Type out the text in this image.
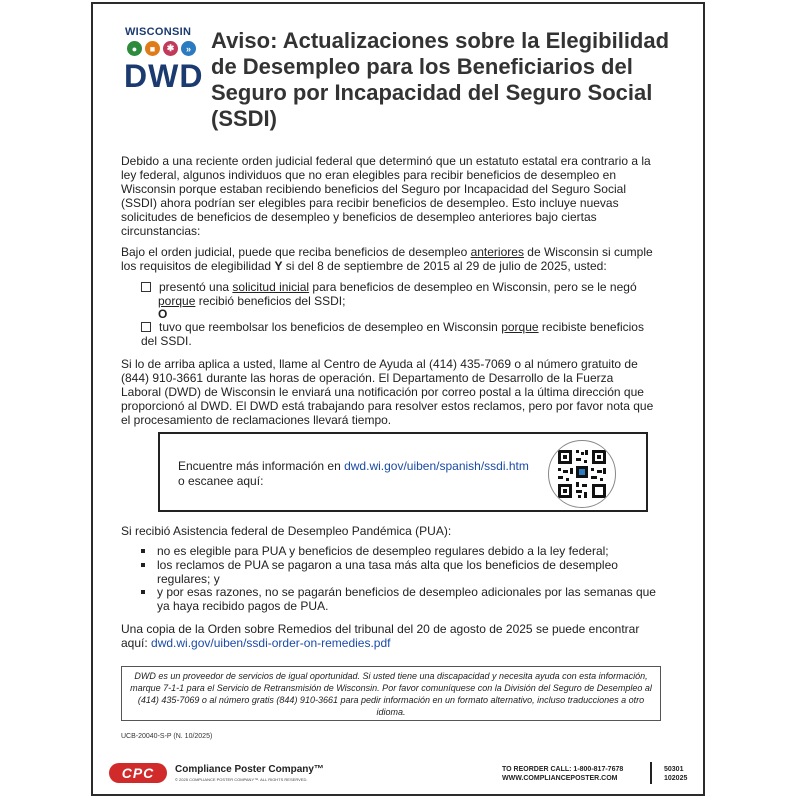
WISCONSIN
●	■	✱	»
DWD
Aviso: Actualizaciones sobre la Elegibilidad de Desempleo para los Beneficiarios del Seguro por Incapacidad del Seguro Social (SSDI)
Debido a una reciente orden judicial federal que determinó que un estatuto estatal era contrario a la ley federal, algunos individuos que no eran elegibles para recibir beneficios de desempleo en Wisconsin porque estaban recibiendo beneficios del Seguro por Incapacidad del Seguro Social (SSDI) ahora podrían ser elegibles para recibir beneficios de desempleo. Esto incluye nuevas solicitudes de beneficios de desempleo y beneficios de desempleo anteriores bajo ciertas circunstancias:
Bajo el orden judicial, puede que reciba beneficios de desempleo anteriores de Wisconsin si cumple los requisitos de elegibilidad Y si del 8 de septiembre de 2015 al 29 de julio de 2025, usted:
presentó una solicitud inicial para beneficios de desempleo en Wisconsin, pero se le negó
porque recibió beneficios del SSDI;
O
tuvo que reembolsar los beneficios de desempleo en Wisconsin porque recibiste beneficios del SSDI.
Si lo de arriba aplica a usted, llame al Centro de Ayuda al (414) 435-7069 o al número gratuito de (844) 910-3661 durante las horas de operación. El Departamento de Desarrollo de la Fuerza Laboral (DWD) de Wisconsin le enviará una notificación por correo postal a la última dirección que proporcionó al DWD. El DWD está trabajando para resolver estos reclamos, pero por favor nota que el procesamiento de reclamaciones llevará tiempo.
Encuentre más información en dwd.wi.gov/uiben/spanish/ssdi.htm
o escanee aquí:
Si recibió Asistencia federal de Desempleo Pandémica (PUA):
no es elegible para PUA y beneficios de desempleo regulares debido a la ley federal;
los reclamos de PUA se pagaron a una tasa más alta que los beneficios de desempleo regulares; y
y por esas razones, no se pagarán beneficios de desempleo adicionales por las semanas que ya haya recibido pagos de PUA.
Una copia de la Orden sobre Remedios del tribunal del 20 de agosto de 2025 se puede encontrar aquí: dwd.wi.gov/uiben/ssdi-order-on-remedies.pdf
DWD es un proveedor de servicios de igual oportunidad. Si usted tiene una discapacidad y necesita ayuda con esta información, marque 7-1-1 para el Servicio de Retransmisión de Wisconsin. Por favor comuníquese con la División del Seguro de Desempleo al (414) 435-7069 o al número gratis (844) 910-3661 para pedir información en un formato alternativo, incluso traducciones a otro idioma.
UCB-20040-S-P (N. 10/2025)
CPC	Compliance Poster Company™
© 2025 COMPLIANCE POSTER COMPANY™. ALL RIGHTS RESERVED.
TO REORDER CALL: 1-800-817-7678
WWW.COMPLIANCEPOSTER.COM
50301
102025
